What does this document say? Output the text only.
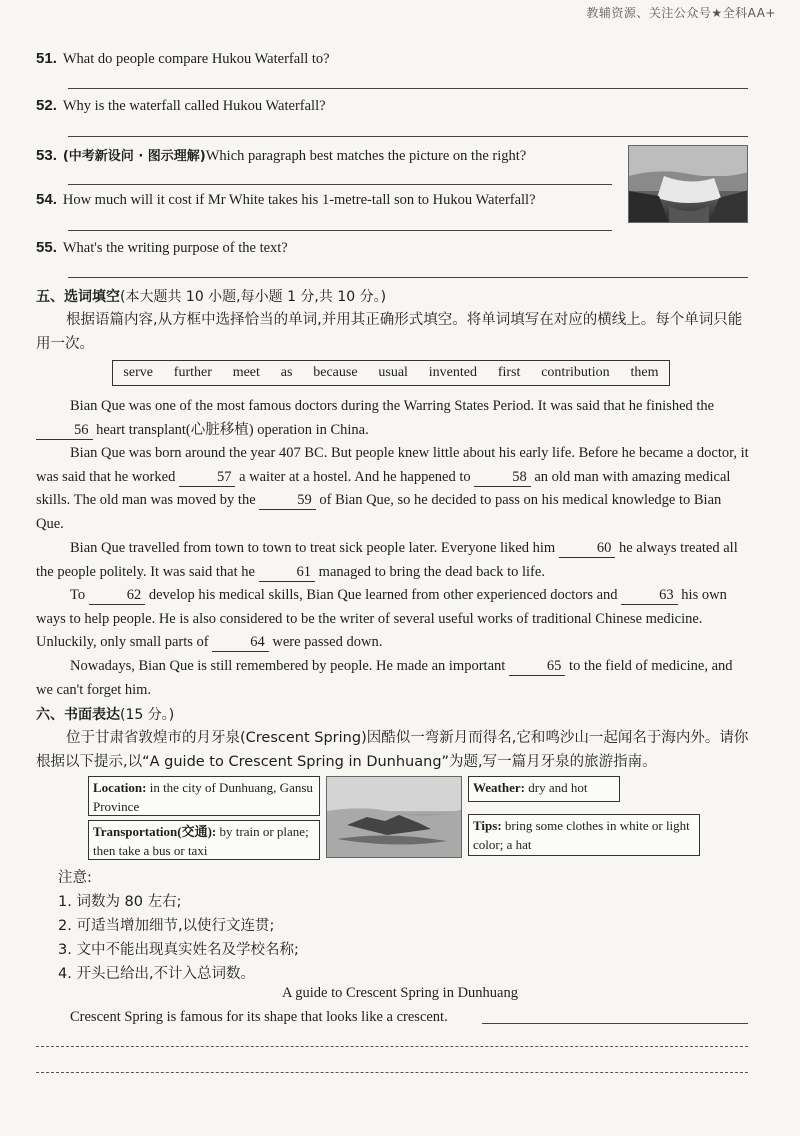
教辅资源、关注公众号★全科AA+
51. What do people compare Hukou Waterfall to?
52. Why is the waterfall called Hukou Waterfall?
53. (中考新设问 · 图示理解)Which paragraph best matches the picture on the right?
54. How much will it cost if Mr White takes his 1-metre-tall son to Hukou Waterfall?
55. What's the writing purpose of the text?
五、选词填空(本大题共 10 小题,每小题 1 分,共 10 分。)
根据语篇内容,从方框中选择恰当的单词,并用其正确形式填空。将单词填写在对应的横线上。每个单词只能用一次。
serve further meet as because usual invented first contribution them
Bian Que was one of the most famous doctors during the Warring States Period. It was said that he finished the 56 heart transplant(心脏移植) operation in China.
Bian Que was born around the year 407 BC. But people knew little about his early life. Before he became a doctor, it was said that he worked	57 a waiter at a hostel. And he happened to	58 an old man with amazing medical skills. The old man was moved by the	59 of Bian Que, so he decided to pass on his medical knowledge to Bian Que.
Bian Que travelled from town to town to treat sick people later. Everyone liked him	60 he always treated all the people politely. It was said that he	61 managed to bring the dead back to life.
To	62 develop his medical skills, Bian Que learned from other experienced doctors and	63 his own ways to help people. He is also considered to be the writer of several useful works of traditional Chinese medicine. Unluckily, only small parts of	64 were passed down.
Nowadays, Bian Que is still remembered by people. He made an important	65 to the field of medicine, and we can't forget him.
六、书面表达(15 分。)
位于甘肃省敦煌市的月牙泉(Crescent Spring)因酷似一弯新月而得名,它和鸣沙山一起闻名于海内外。请你根据以下提示,以“A guide to Crescent Spring in Dunhuang”为题,写一篇月牙泉的旅游指南。
Location: in the city of Dunhuang, Gansu Province
Transportation(交通): by train or plane; then take a bus or taxi
Weather: dry and hot
Tips: bring some clothes in white or light color; a hat
注意:
1. 词数为 80 左右;
2. 可适当增加细节,以使行文连贯;
3. 文中不能出现真实姓名及学校名称;
4. 开头已给出,不计入总词数。
A guide to Crescent Spring in Dunhuang
Crescent Spring is famous for its shape that looks like a crescent.
